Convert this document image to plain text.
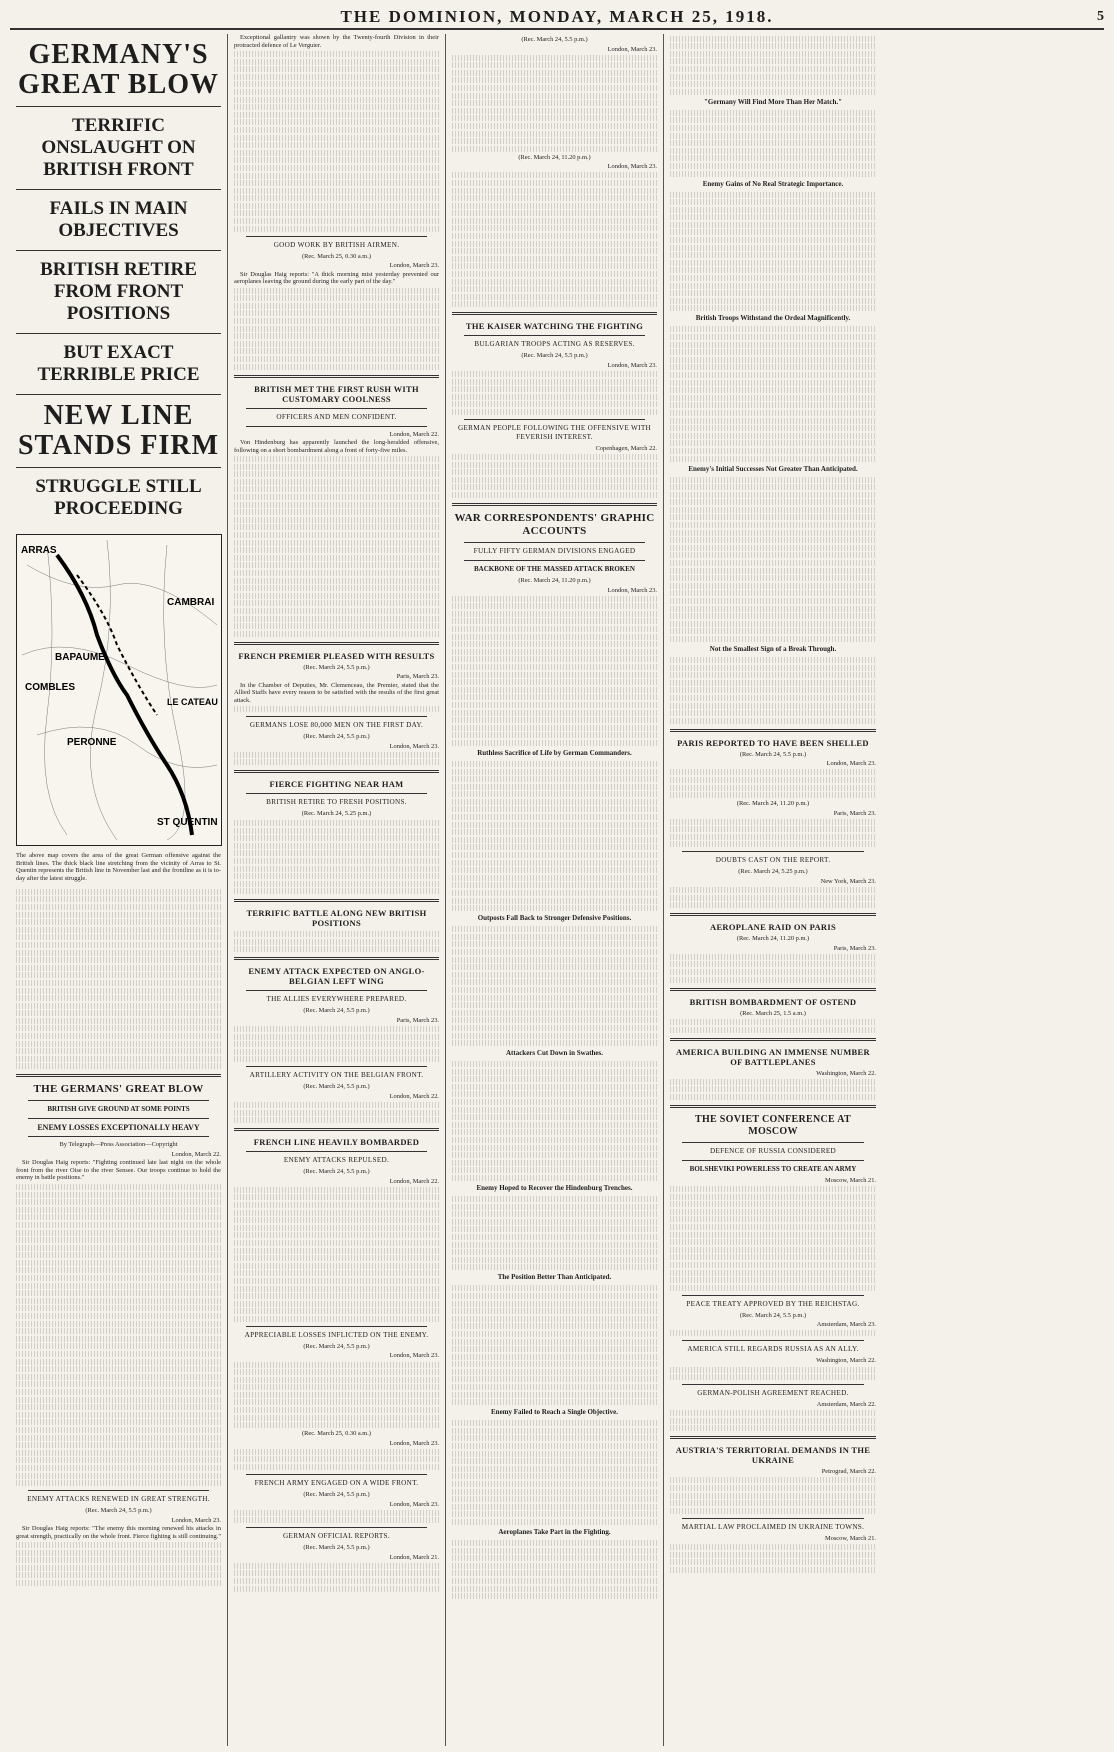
THE DOMINION, MONDAY, MARCH 25, 1918.	5

GERMANY'S GREAT BLOW

TERRIFIC ONSLAUGHT ON BRITISH FRONT

FAILS IN MAIN OBJECTIVES

BRITISH RETIRE FROM FRONT POSITIONS

BUT EXACT TERRIBLE PRICE

NEW LINE STANDS FIRM

STRUGGLE STILL PROCEEDING

ARRAS
CAMBRAI
BAPAUME
COMBLES
LE CATEAU
PERONNE
ST QUENTIN

The above map covers the area of the great German offensive against the British lines. The thick black line stretching from the vicinity of Arras to St. Quentin represents the British line in November last and the frontline as it is to-day after the latest struggle.

THE GERMANS' GREAT BLOW

BRITISH GIVE GROUND AT SOME POINTS

ENEMY LOSSES EXCEPTIONALLY HEAVY

By Telegraph—Press Association—Copyright

London, March 22.

Sir Douglas Haig reports: "Fighting continued late last night on the whole front from the river Oise to the river Sensee. Our troops continue to hold the enemy in battle positions."

ENEMY ATTACKS RENEWED IN GREAT STRENGTH.

(Rec. March 24, 5.5 p.m.)

London, March 23.

Sir Douglas Haig reports: "The enemy this morning renewed his attacks in great strength, practically on the whole front. Fierce fighting is still continuing."

Exceptional gallantry was shown by the Twenty-fourth Division in their protracted defence of Le Verguier.

GOOD WORK BY BRITISH AIRMEN.

(Rec. March 25, 0.30 a.m.)

London, March 23.

Sir Douglas Haig reports: "A thick morning mist yesterday prevented our aeroplanes leaving the ground during the early part of the day."

BRITISH MET THE FIRST RUSH WITH CUSTOMARY COOLNESS

OFFICERS AND MEN CONFIDENT.

London, March 22.

Von Hindenburg has apparently launched the long-heralded offensive, following on a short bombardment along a front of forty-five miles.

FRENCH PREMIER PLEASED WITH RESULTS

(Rec. March 24, 5.5 p.m.)

Paris, March 23.

In the Chamber of Deputies, Mr. Clemenceau, the Premier, stated that the Allied Staffs have every reason to be satisfied with the results of the first great attack.

GERMANS LOSE 80,000 MEN ON THE FIRST DAY.

(Rec. March 24, 5.5 p.m.)

London, March 23.

FIERCE FIGHTING NEAR HAM

BRITISH RETIRE TO FRESH POSITIONS.

(Rec. March 24, 5.25 p.m.)

TERRIFIC BATTLE ALONG NEW BRITISH POSITIONS

ENEMY ATTACK EXPECTED ON ANGLO-BELGIAN LEFT WING

THE ALLIES EVERYWHERE PREPARED.

(Rec. March 24, 5.5 p.m.)

Paris, March 23.

ARTILLERY ACTIVITY ON THE BELGIAN FRONT.

(Rec. March 24, 5.5 p.m.)

London, March 22.

FRENCH LINE HEAVILY BOMBARDED

ENEMY ATTACKS REPULSED.

(Rec. March 24, 5.5 p.m.)

London, March 22.

APPRECIABLE LOSSES INFLICTED ON THE ENEMY.

(Rec. March 24, 5.5 p.m.)

London, March 23.

(Rec. March 25, 0.30 a.m.)

London, March 23.

FRENCH ARMY ENGAGED ON A WIDE FRONT.

(Rec. March 24, 5.5 p.m.)

London, March 23.

GERMAN OFFICIAL REPORTS.

(Rec. March 24, 5.5 p.m.)

London, March 21.

(Rec. March 24, 5.5 p.m.)

London, March 23.

(Rec. March 24, 11.20 p.m.)

London, March 23.

THE KAISER WATCHING THE FIGHTING

BULGARIAN TROOPS ACTING AS RESERVES.

(Rec. March 24, 5.5 p.m.)

London, March 23.

GERMAN PEOPLE FOLLOWING THE OFFENSIVE WITH FEVERISH INTEREST.

Copenhagen, March 22.

WAR CORRESPONDENTS' GRAPHIC ACCOUNTS

FULLY FIFTY GERMAN DIVISIONS ENGAGED

BACKBONE OF THE MASSED ATTACK BROKEN

(Rec. March 24, 11.20 p.m.)

London, March 23.

Ruthless Sacrifice of Life by German Commanders.

Outposts Fall Back to Stronger Defensive Positions.

Attackers Cut Down in Swathes.

Enemy Hoped to Recover the Hindenburg Trenches.

The Position Better Than Anticipated.

Enemy Failed to Reach a Single Objective.

Aeroplanes Take Part in the Fighting.

"Germany Will Find More Than Her Match."

Enemy Gains of No Real Strategic Importance.

British Troops Withstand the Ordeal Magnificently.

Enemy's Initial Successes Not Greater Than Anticipated.

Not the Smallest Sign of a Break Through.

PARIS REPORTED TO HAVE BEEN SHELLED

(Rec. March 24, 5.5 p.m.)

London, March 23.

(Rec. March 24, 11.20 p.m.)

Paris, March 23.

DOUBTS CAST ON THE REPORT.

(Rec. March 24, 5.25 p.m.)

New York, March 23.

AEROPLANE RAID ON PARIS

(Rec. March 24, 11.20 p.m.)

Paris, March 23.

BRITISH BOMBARDMENT OF OSTEND

(Rec. March 25, 1.5 a.m.)

AMERICA BUILDING AN IMMENSE NUMBER OF BATTLEPLANES

Washington, March 22.

THE SOVIET CONFERENCE AT MOSCOW

DEFENCE OF RUSSIA CONSIDERED

BOLSHEVIKI POWERLESS TO CREATE AN ARMY

Moscow, March 21.

PEACE TREATY APPROVED BY THE REICHSTAG.

(Rec. March 24, 5.5 p.m.)

Amsterdam, March 23.

AMERICA STILL REGARDS RUSSIA AS AN ALLY.

Washington, March 22.

GERMAN-POLISH AGREEMENT REACHED.

Amsterdam, March 22.

AUSTRIA'S TERRITORIAL DEMANDS IN THE UKRAINE

Petrograd, March 22.

MARTIAL LAW PROCLAIMED IN UKRAINE TOWNS.

Moscow, March 21.
